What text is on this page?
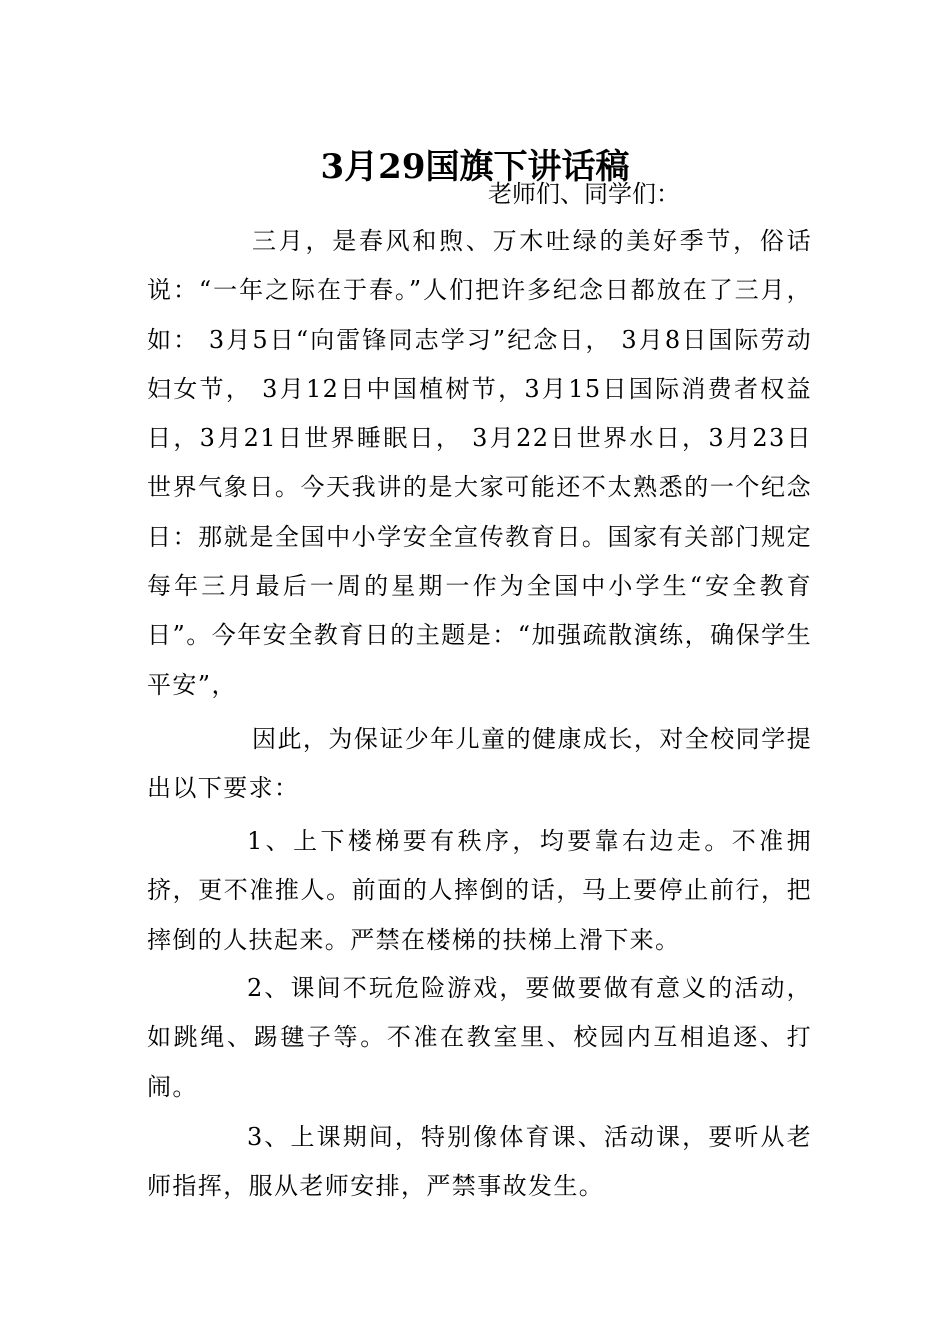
3月29国旗下讲话稿
老师们、同学们：

三月，是春风和煦、万木吐绿的美好季节，俗话说：“一年之际在于春。”人们把许多纪念日都放在了三月，如： 3月5日“向雷锋同志学习”纪念日， 3月8日国际劳动妇女节， 3月12日中国植树节，3月15日国际消费者权益日，3月21日世界睡眠日， 3月22日世界水日，3月23日世界气象日。今天我讲的是大家可能还不太熟悉的一个纪念日：那就是全国中小学安全宣传教育日。国家有关部门规定每年三月最后一周的星期一作为全国中小学生“安全教育日”。今年安全教育日的主题是：“加强疏散演练，确保学生平安”，

因此，为保证少年儿童的健康成长，对全校同学提出以下要求：

1、上下楼梯要有秩序，均要靠右边走。不准拥挤，更不准推人。前面的人摔倒的话，马上要停止前行，把摔倒的人扶起来。严禁在楼梯的扶梯上滑下来。

2、课间不玩危险游戏，要做要做有意义的活动，如跳绳、踢毽子等。不准在教室里、校园内互相追逐、打闹。

3、上课期间，特别像体育课、活动课，要听从老师指挥，服从老师安排，严禁事故发生。
